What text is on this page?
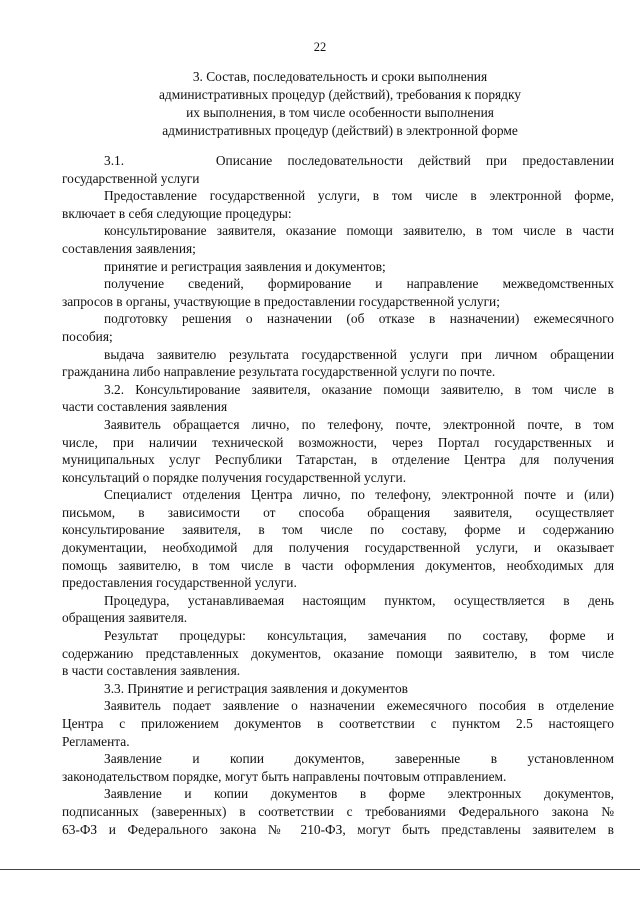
22
3. Состав, последовательность и сроки выполнения
административных процедур (действий), требования к порядку
их выполнения, в том числе особенности выполнения
административных процедур (действий) в электронной форме
3.1.      Описание последовательности действий при предоставлении
государственной услуги
Предоставление государственной услуги, в том числе в электронной форме,
включает в себя следующие процедуры:
консультирование заявителя, оказание помощи заявителю, в том числе в части
составления заявления;
принятие и регистрация заявления и документов;
получение сведений, формирование и направление межведомственных
запросов в органы, участвующие в предоставлении государственной услуги;
подготовку решения о назначении (об отказе в назначении) ежемесячного
пособия;
выдача заявителю результата государственной услуги при личном обращении
гражданина либо направление результата государственной услуги по почте.
3.2. Консультирование заявителя, оказание помощи заявителю, в том числе в
части составления заявления
Заявитель обращается лично, по телефону, почте, электронной почте, в том
числе, при наличии технической возможности, через Портал государственных и
муниципальных услуг Республики Татарстан, в отделение Центра для получения
консультаций о порядке получения государственной услуги.
Специалист отделения Центра лично, по телефону, электронной почте и (или)
письмом, в зависимости от способа обращения заявителя, осуществляет
консультирование заявителя, в том числе по составу, форме и содержанию
документации, необходимой для получения государственной услуги, и оказывает
помощь заявителю, в том числе в части оформления документов, необходимых для
предоставления государственной услуги.
Процедура, устанавливаемая настоящим пунктом, осуществляется в день
обращения заявителя.
Результат процедуры: консультация, замечания по составу, форме и
содержанию представленных документов, оказание помощи заявителю, в том числе
в части составления заявления.
3.3. Принятие и регистрация заявления и документов
Заявитель подает заявление о назначении ежемесячного пособия в отделение
Центра с приложением документов в соответствии с пунктом 2.5 настоящего
Регламента.
Заявление и копии документов, заверенные в установленном
законодательством порядке, могут быть направлены почтовым отправлением.
Заявление и копии документов в форме электронных документов,
подписанных (заверенных) в соответствии с требованиями Федерального закона №
63-ФЗ и Федерального закона № 210-ФЗ, могут быть представлены заявителем в
